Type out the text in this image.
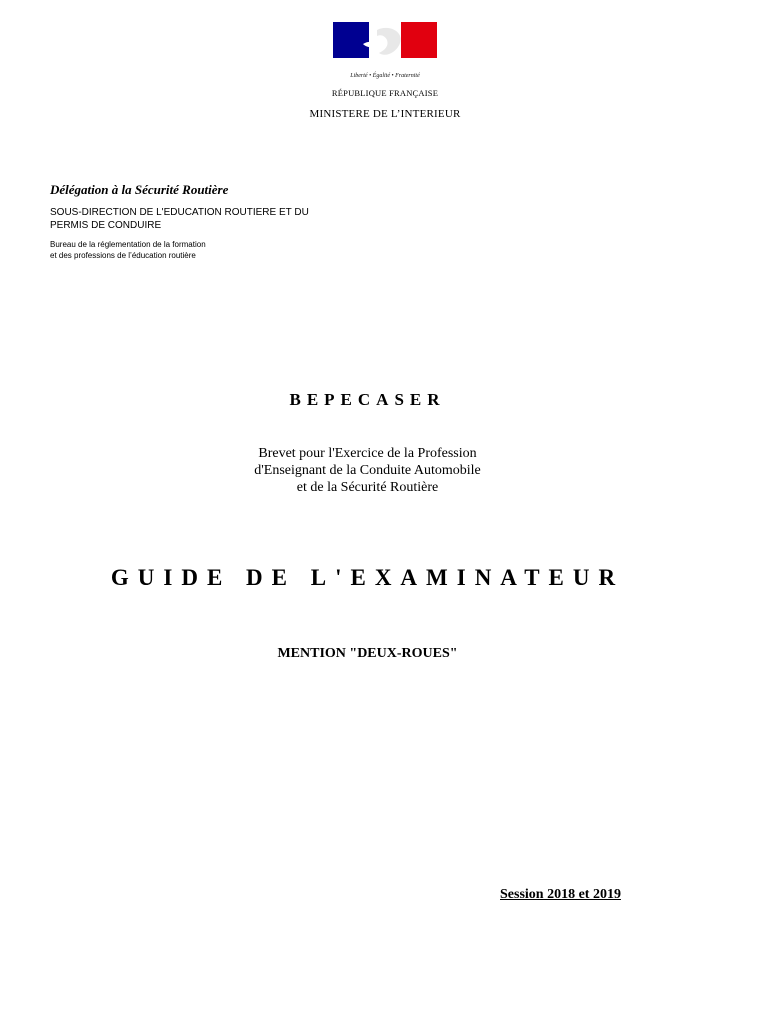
Liberté • Égalité • Fraternité
RÉPUBLIQUE FRANÇAISE
MINISTERE DE L’INTERIEUR
Délégation à la Sécurité Routière
SOUS-DIRECTION DE L'EDUCATION ROUTIERE ET DU
PERMIS DE CONDUIRE
Bureau de la réglementation de la formation
et des professions de l’éducation routière
BEPECASER
Brevet pour l'Exercice de la Profession
d'Enseignant de la Conduite Automobile
et de la Sécurité Routière
GUIDE DE L'EXAMINATEUR
MENTION "DEUX-ROUES"
Session 2018 et 2019
